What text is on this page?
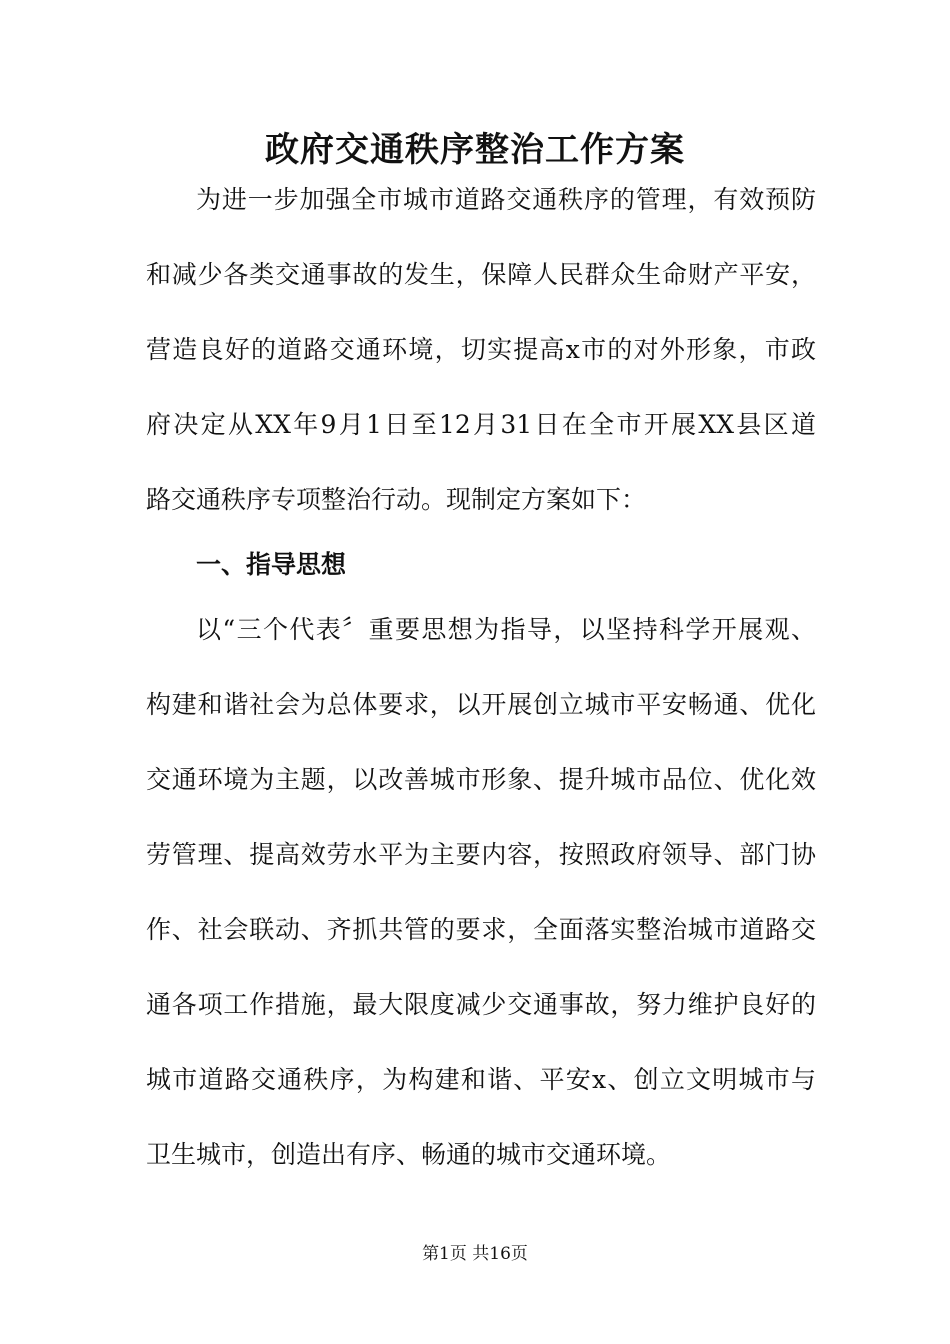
政府交通秩序整治工作方案

为进一步加强全市城市道路交通秩序的管理，有效预防

和减少各类交通事故的发生，保障人民群众生命财产平安，

营造良好的道路交通环境，切实提高x市的对外形象，市政

府决定从XX年9月1日至12月31日在全市开展XX县区道

路交通秩序专项整治行动。现制定方案如下：

一、指导思想

以“三个代表〞重要思想为指导，以坚持科学开展观、

构建和谐社会为总体要求，以开展创立城市平安畅通、优化

交通环境为主题，以改善城市形象、提升城市品位、优化效

劳管理、提高效劳水平为主要内容，按照政府领导、部门协

作、社会联动、齐抓共管的要求，全面落实整治城市道路交

通各项工作措施，最大限度减少交通事故，努力维护良好的

城市道路交通秩序，为构建和谐、平安x、创立文明城市与

卫生城市，创造出有序、畅通的城市交通环境。

第1页 共16页
